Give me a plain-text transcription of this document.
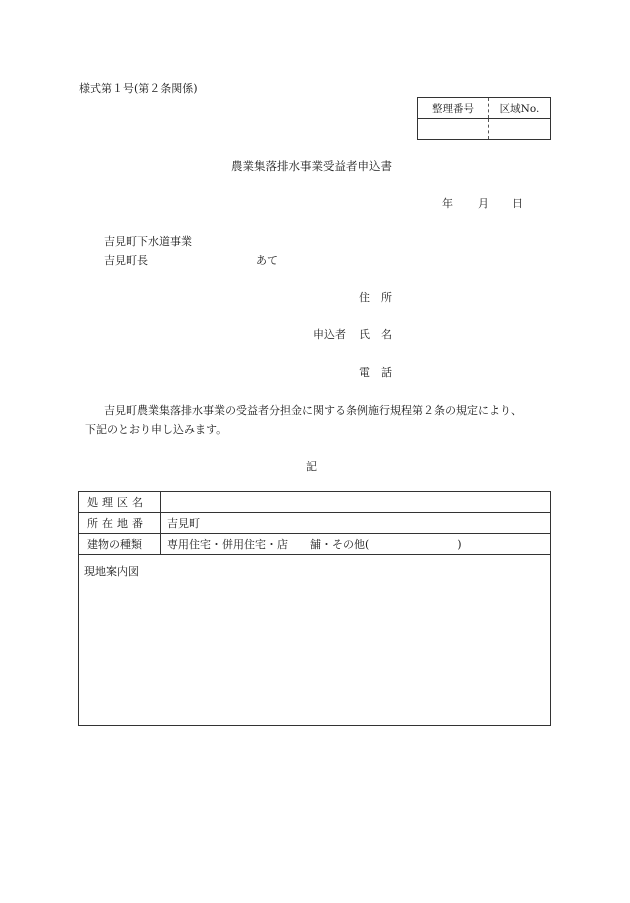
様式第１号(第２条関係)
整理番号	区域No.

農業集落排水事業受益者申込書
年 月 日
吉見町下水道事業
吉見町長	あて
住　所
申込者 氏　名
電　話
吉見町農業集落排水事業の受益者分担金に関する条例施行規程第２条の規定により、
下記のとおり申し込みます。
記
処理区名	
所在地番	吉見町
建物の種類	専用住宅・併用住宅・店　　舗・その他(　　　　　　　　)
現地案内図	
